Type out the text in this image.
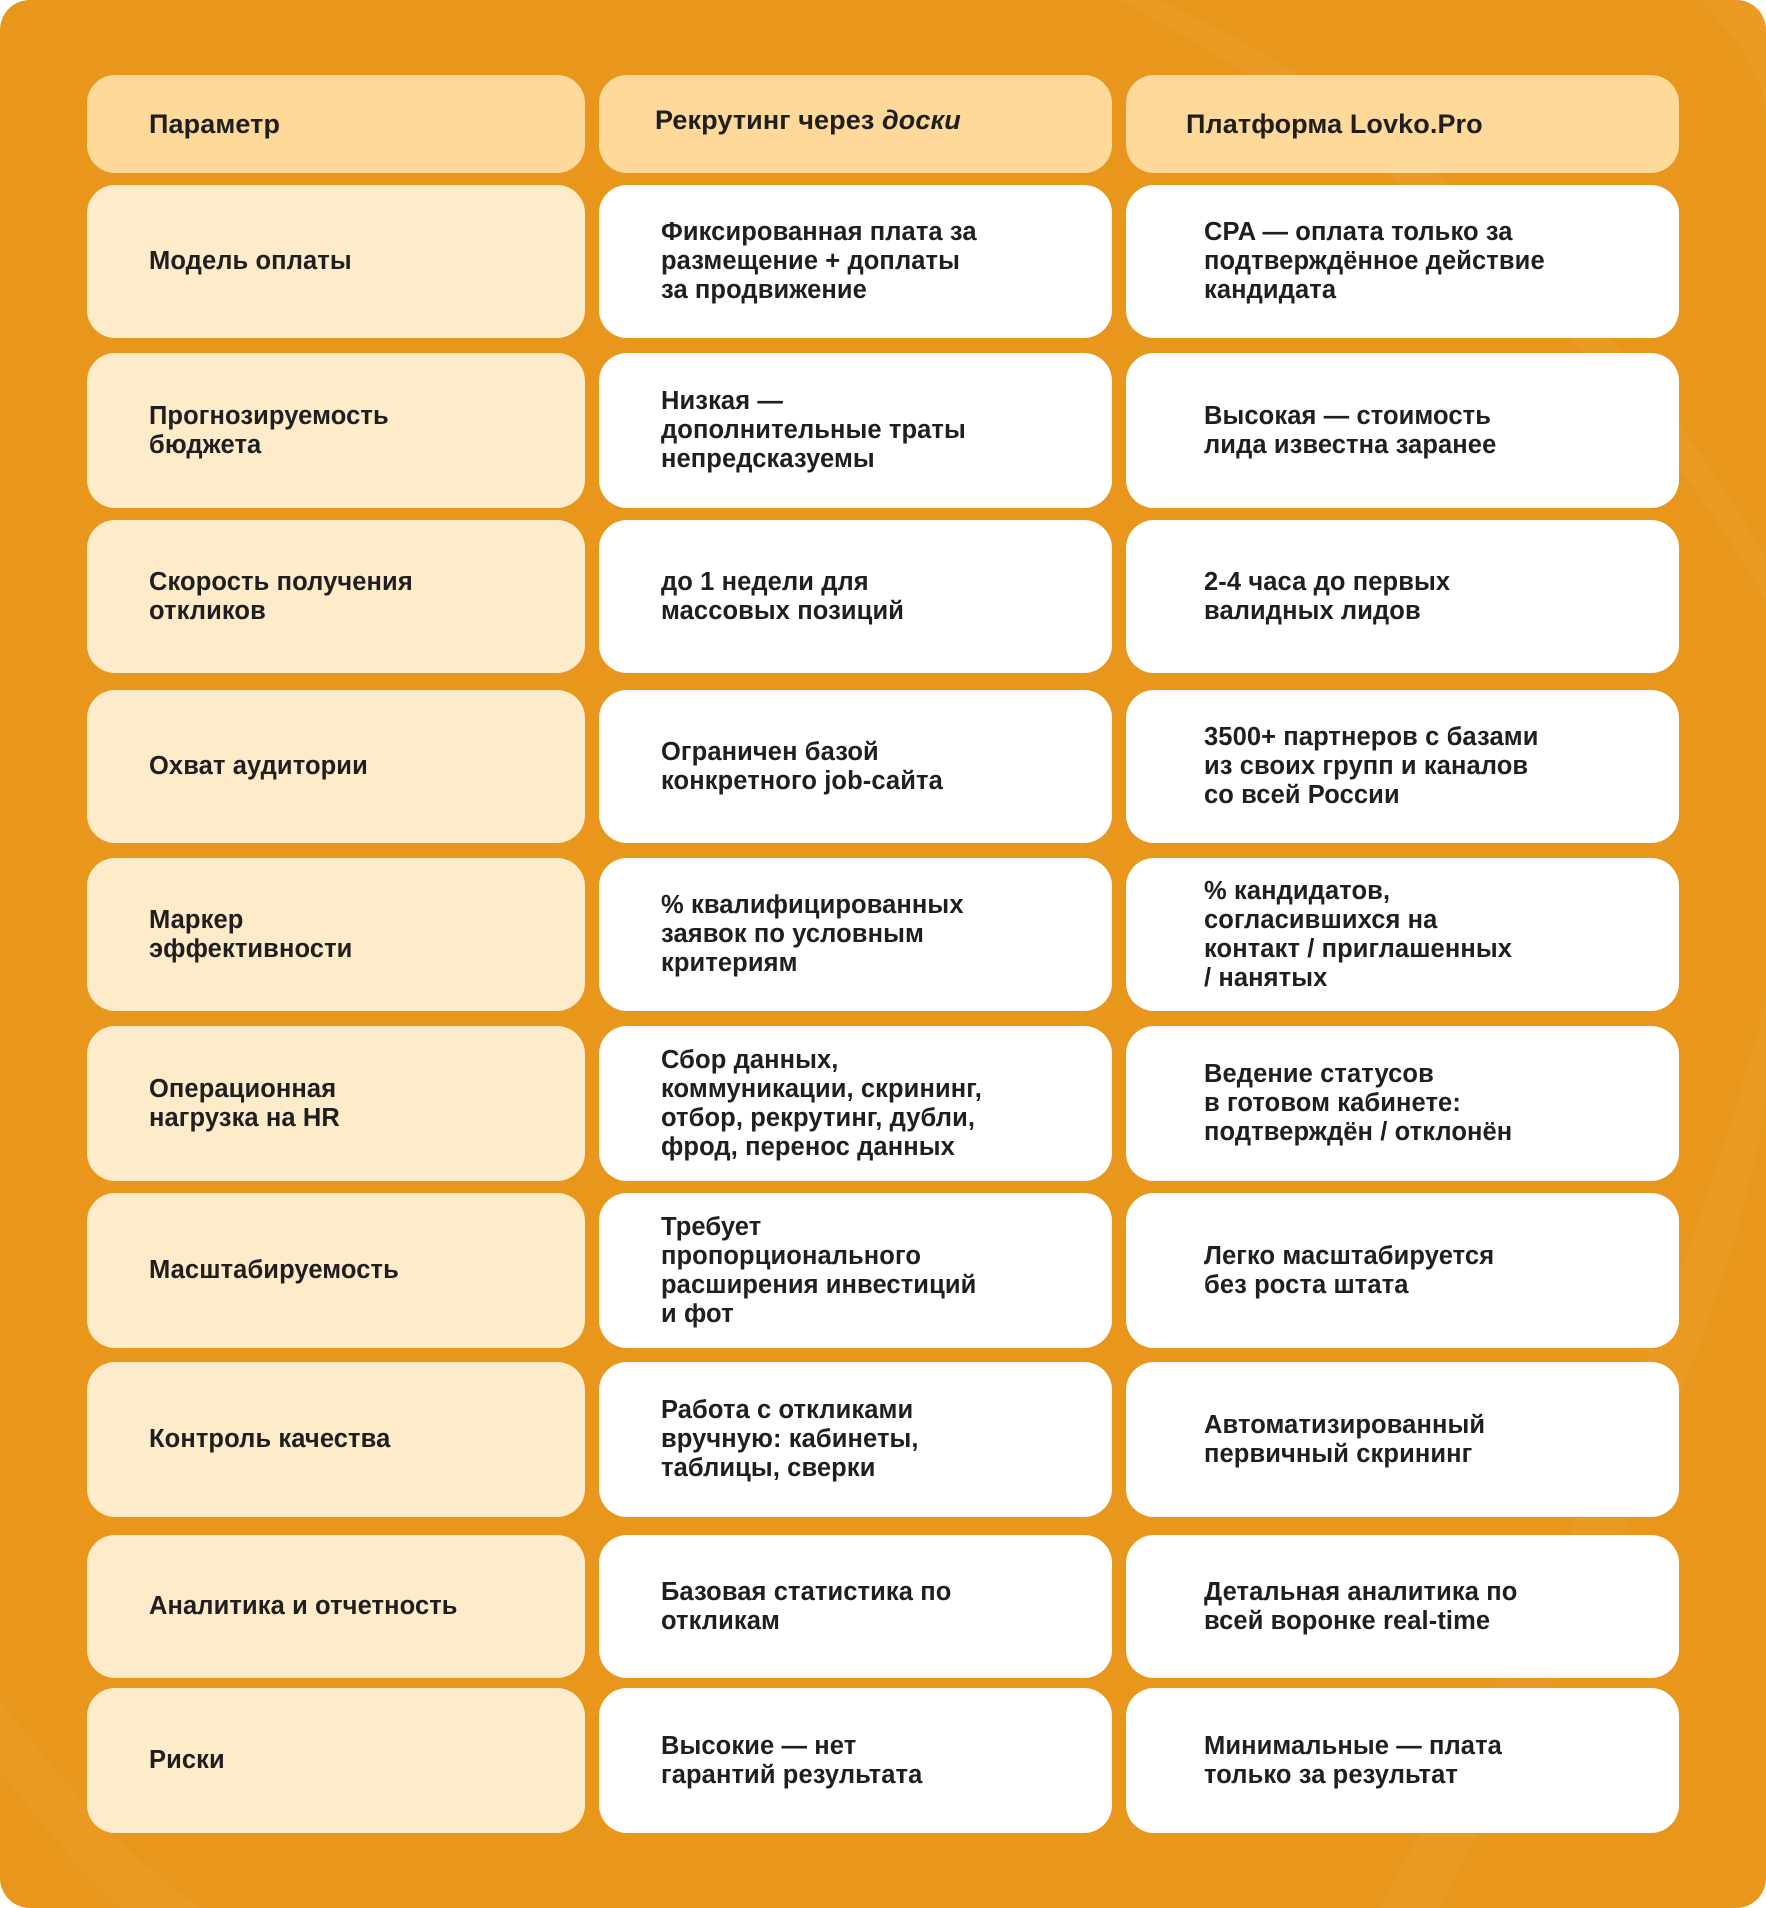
Параметр	Рекрутинг через доски	Платформа Lovko.Pro
Модель оплаты
Фиксированная плата за
размещение + доплаты
за продвижение
CPA — оплата только за
подтверждённое действие
кандидата
Прогнозируемость
бюджета
Низкая —
дополнительные траты
непредсказуемы
Высокая — стоимость
лида известна заранее
Скорость получения
откликов
до 1 недели для
массовых позиций
2-4 часа до первых
валидных лидов
Охват аудитории
Ограничен базой
конкретного job-сайта
3500+ партнеров с базами
из своих групп и каналов
со всей России
Маркер
эффективности
% квалифицированных
заявок по условным
критериям
% кандидатов,
согласившихся на
контакт / приглашенных
/ нанятых
Операционная
нагрузка на HR
Сбор данных,
коммуникации, скрининг,
отбор, рекрутинг, дубли,
фрод, перенос данных
Ведение статусов
в готовом кабинете:
подтверждён / отклонён
Масштабируемость
Требует
пропорционального
расширения инвестиций
и фот
Легко масштабируется
без роста штата
Контроль качества
Работа с откликами
вручную: кабинеты,
таблицы, сверки
Автоматизированный
первичный скрининг
Аналитика и отчетность
Базовая статистика по
откликам
Детальная аналитика по
всей воронке real-time
Риски
Высокие — нет
гарантий результата
Минимальные — плата
только за результат
